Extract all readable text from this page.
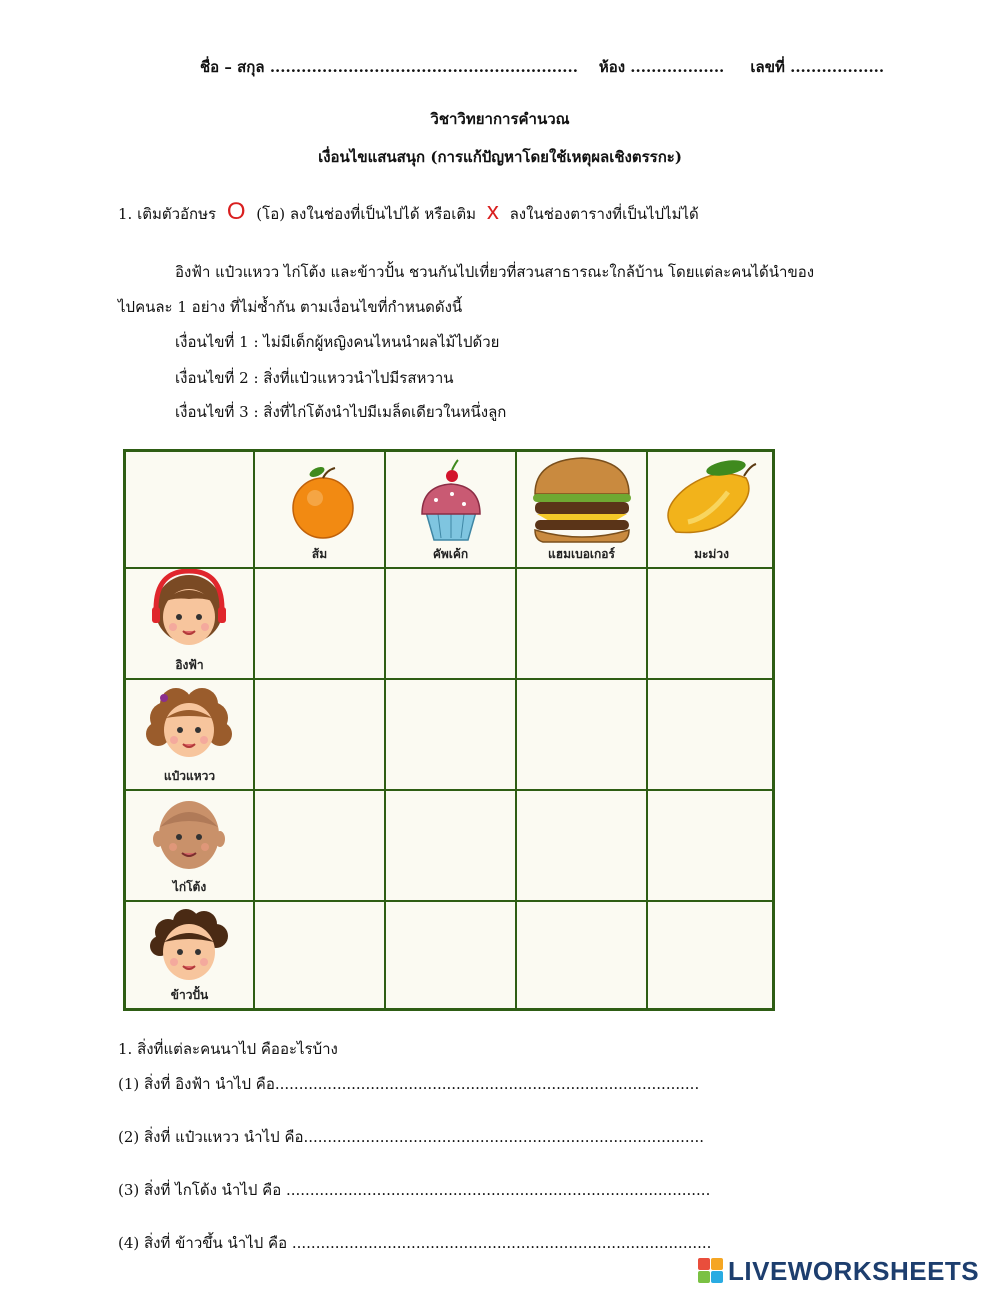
ชื่อ – สกุล ........................................................... ห้อง .................. เลขที่ ..................
วิชาวิทยาการคำนวณ
เงื่อนไขแสนสนุก (การแก้ปัญหาโดยใช้เหตุผลเชิงตรรกะ)
1. เติมตัวอักษร O (โอ) ลงในช่องที่เป็นไปได้ หรือเติม x ลงในช่องตารางที่เป็นไปไม่ได้
อิงฟ้า แป๋วแหวว ไก่โต้ง และข้าวปั้น ชวนกันไปเที่ยวที่สวนสาธารณะใกล้บ้าน โดยแต่ละคนได้นำของ
ไปคนละ 1 อย่าง ที่ไม่ซ้ำกัน ตามเงื่อนไขที่กำหนดดังนี้
เงื่อนไขที่ 1 : ไม่มีเด็กผู้หญิงคนไหนนำผลไม้ไปด้วย
เงื่อนไขที่ 2 : สิ่งที่แป๋วแหววนำไปมีรสหวาน
เงื่อนไขที่ 3 : สิ่งที่ไก่โต้งนำไปมีเมล็ดเดียวในหนึ่งลูก
ส้ม	คัพเค้ก	แฮมเบอเกอร์	มะม่วง
อิงฟ้า
แป๋วแหวว
ไก่โต้ง
ข้าวปั้น
1. สิ่งที่แต่ละคนนาไป คืออะไรบ้าง
(1) สิ่งที่ อิงฟ้า นำไป คือ.........................................................................................
(2) สิ่งที่ แป๋วแหวว นำไป คือ....................................................................................
(3) สิ่งที่ ไกโด้ง นำไป คือ .........................................................................................
(4) สิ่งที่ ข้าวขึ้น นำไป คือ ........................................................................................
LIVEWORKSHEETS
